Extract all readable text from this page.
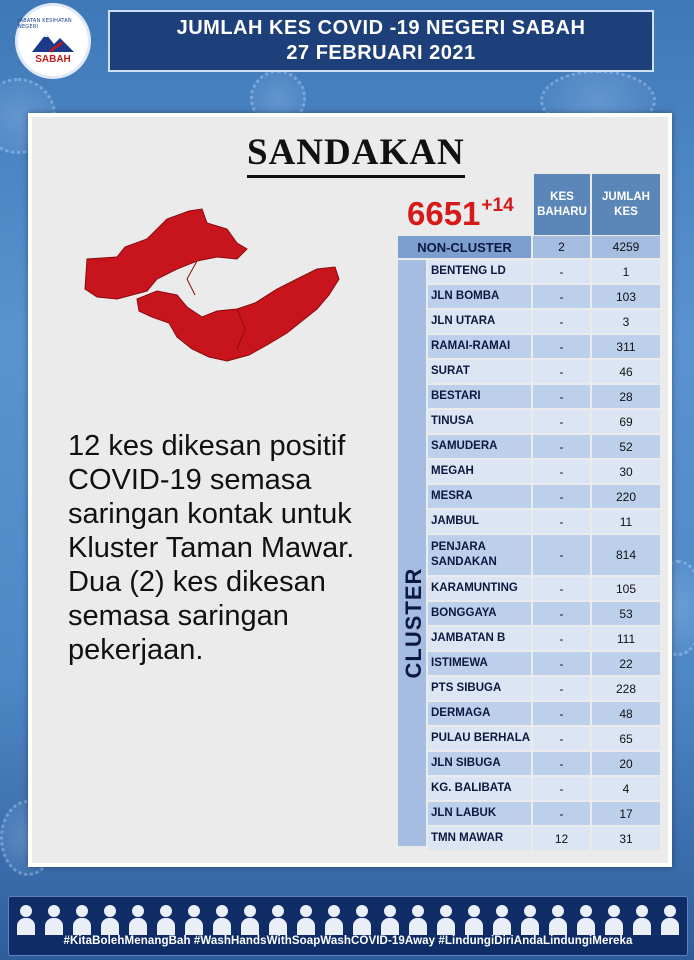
JABATAN KESIHATAN NEGERI
SABAH
JUMLAH KES COVID -19 NEGERI SABAH
27 FEBRUARI 2021
SANDAKAN

12 kes dikesan positif COVID-19 semasa saringan kontak untuk Kluster Taman Mawar.

Dua (2) kes dikesan semasa saringan pekerjaan.

$6651^{+14}$	KES BAHARU
JUMLAH KES
NON-CLUSTER	2	4259
CLUSTER
BENTENG LD	-	1
JLN BOMBA	-	103
JLN UTARA	-	3
RAMAI-RAMAI	-	311
SURAT	-	46
BESTARI	-	28
TINUSA	-	69
SAMUDERA	-	52
MEGAH	-	30
MESRA	-	220
JAMBUL	-	11
PENJARA SANDAKAN	-	814
KARAMUNTING	-	105
BONGGAYA	-	53
JAMBATAN B	-	111
ISTIMEWA	-	22
PTS SIBUGA	-	228
DERMAGA	-	48
PULAU BERHALA	-	65
JLN SIBUGA	-	20
KG. BALIBATA	-	4
JLN LABUK	-	17
TMN MAWAR	12	31
#KitaBolehMenangBah #WashHandsWithSoapWashCOVID-19Away #LindungiDiriAndaLindungiMereka
